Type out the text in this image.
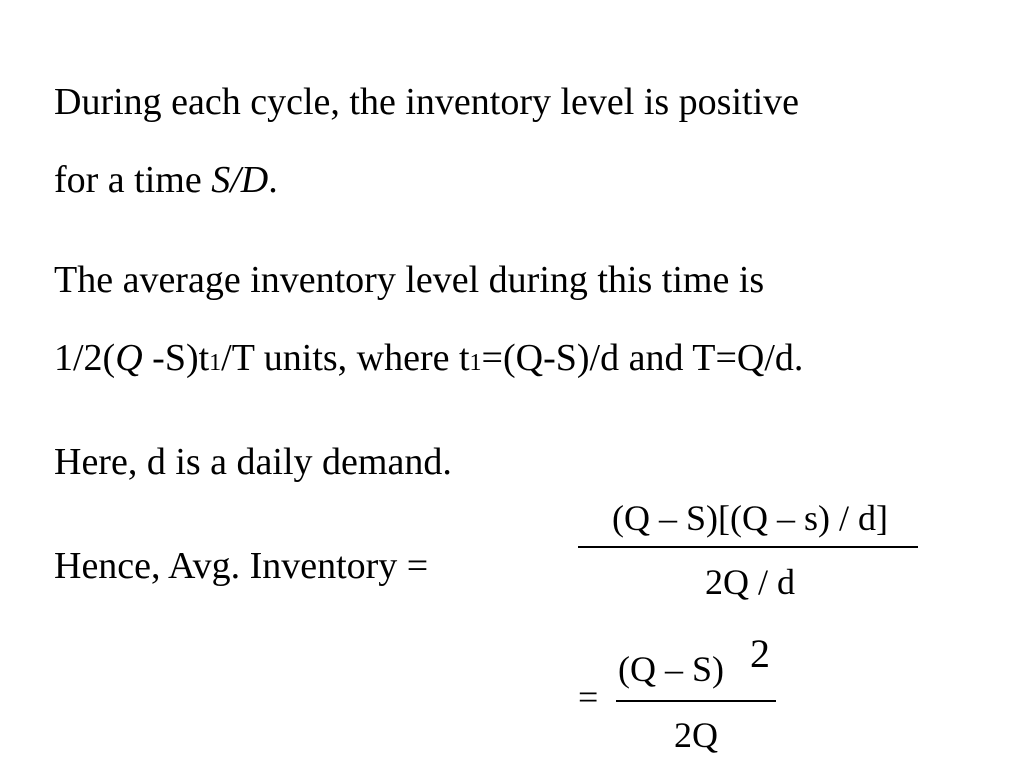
During each cycle, the inventory level is positive
for a time S/D.
The average inventory level during this time is
1/2(Q -S)t1/T units, where t1=(Q-S)/d and T=Q/d.
Here, d is a daily demand.
Hence, Avg. Inventory =
(Q – S)[(Q – s) / d]
2Q / d
=
(Q – S) 2
2Q
